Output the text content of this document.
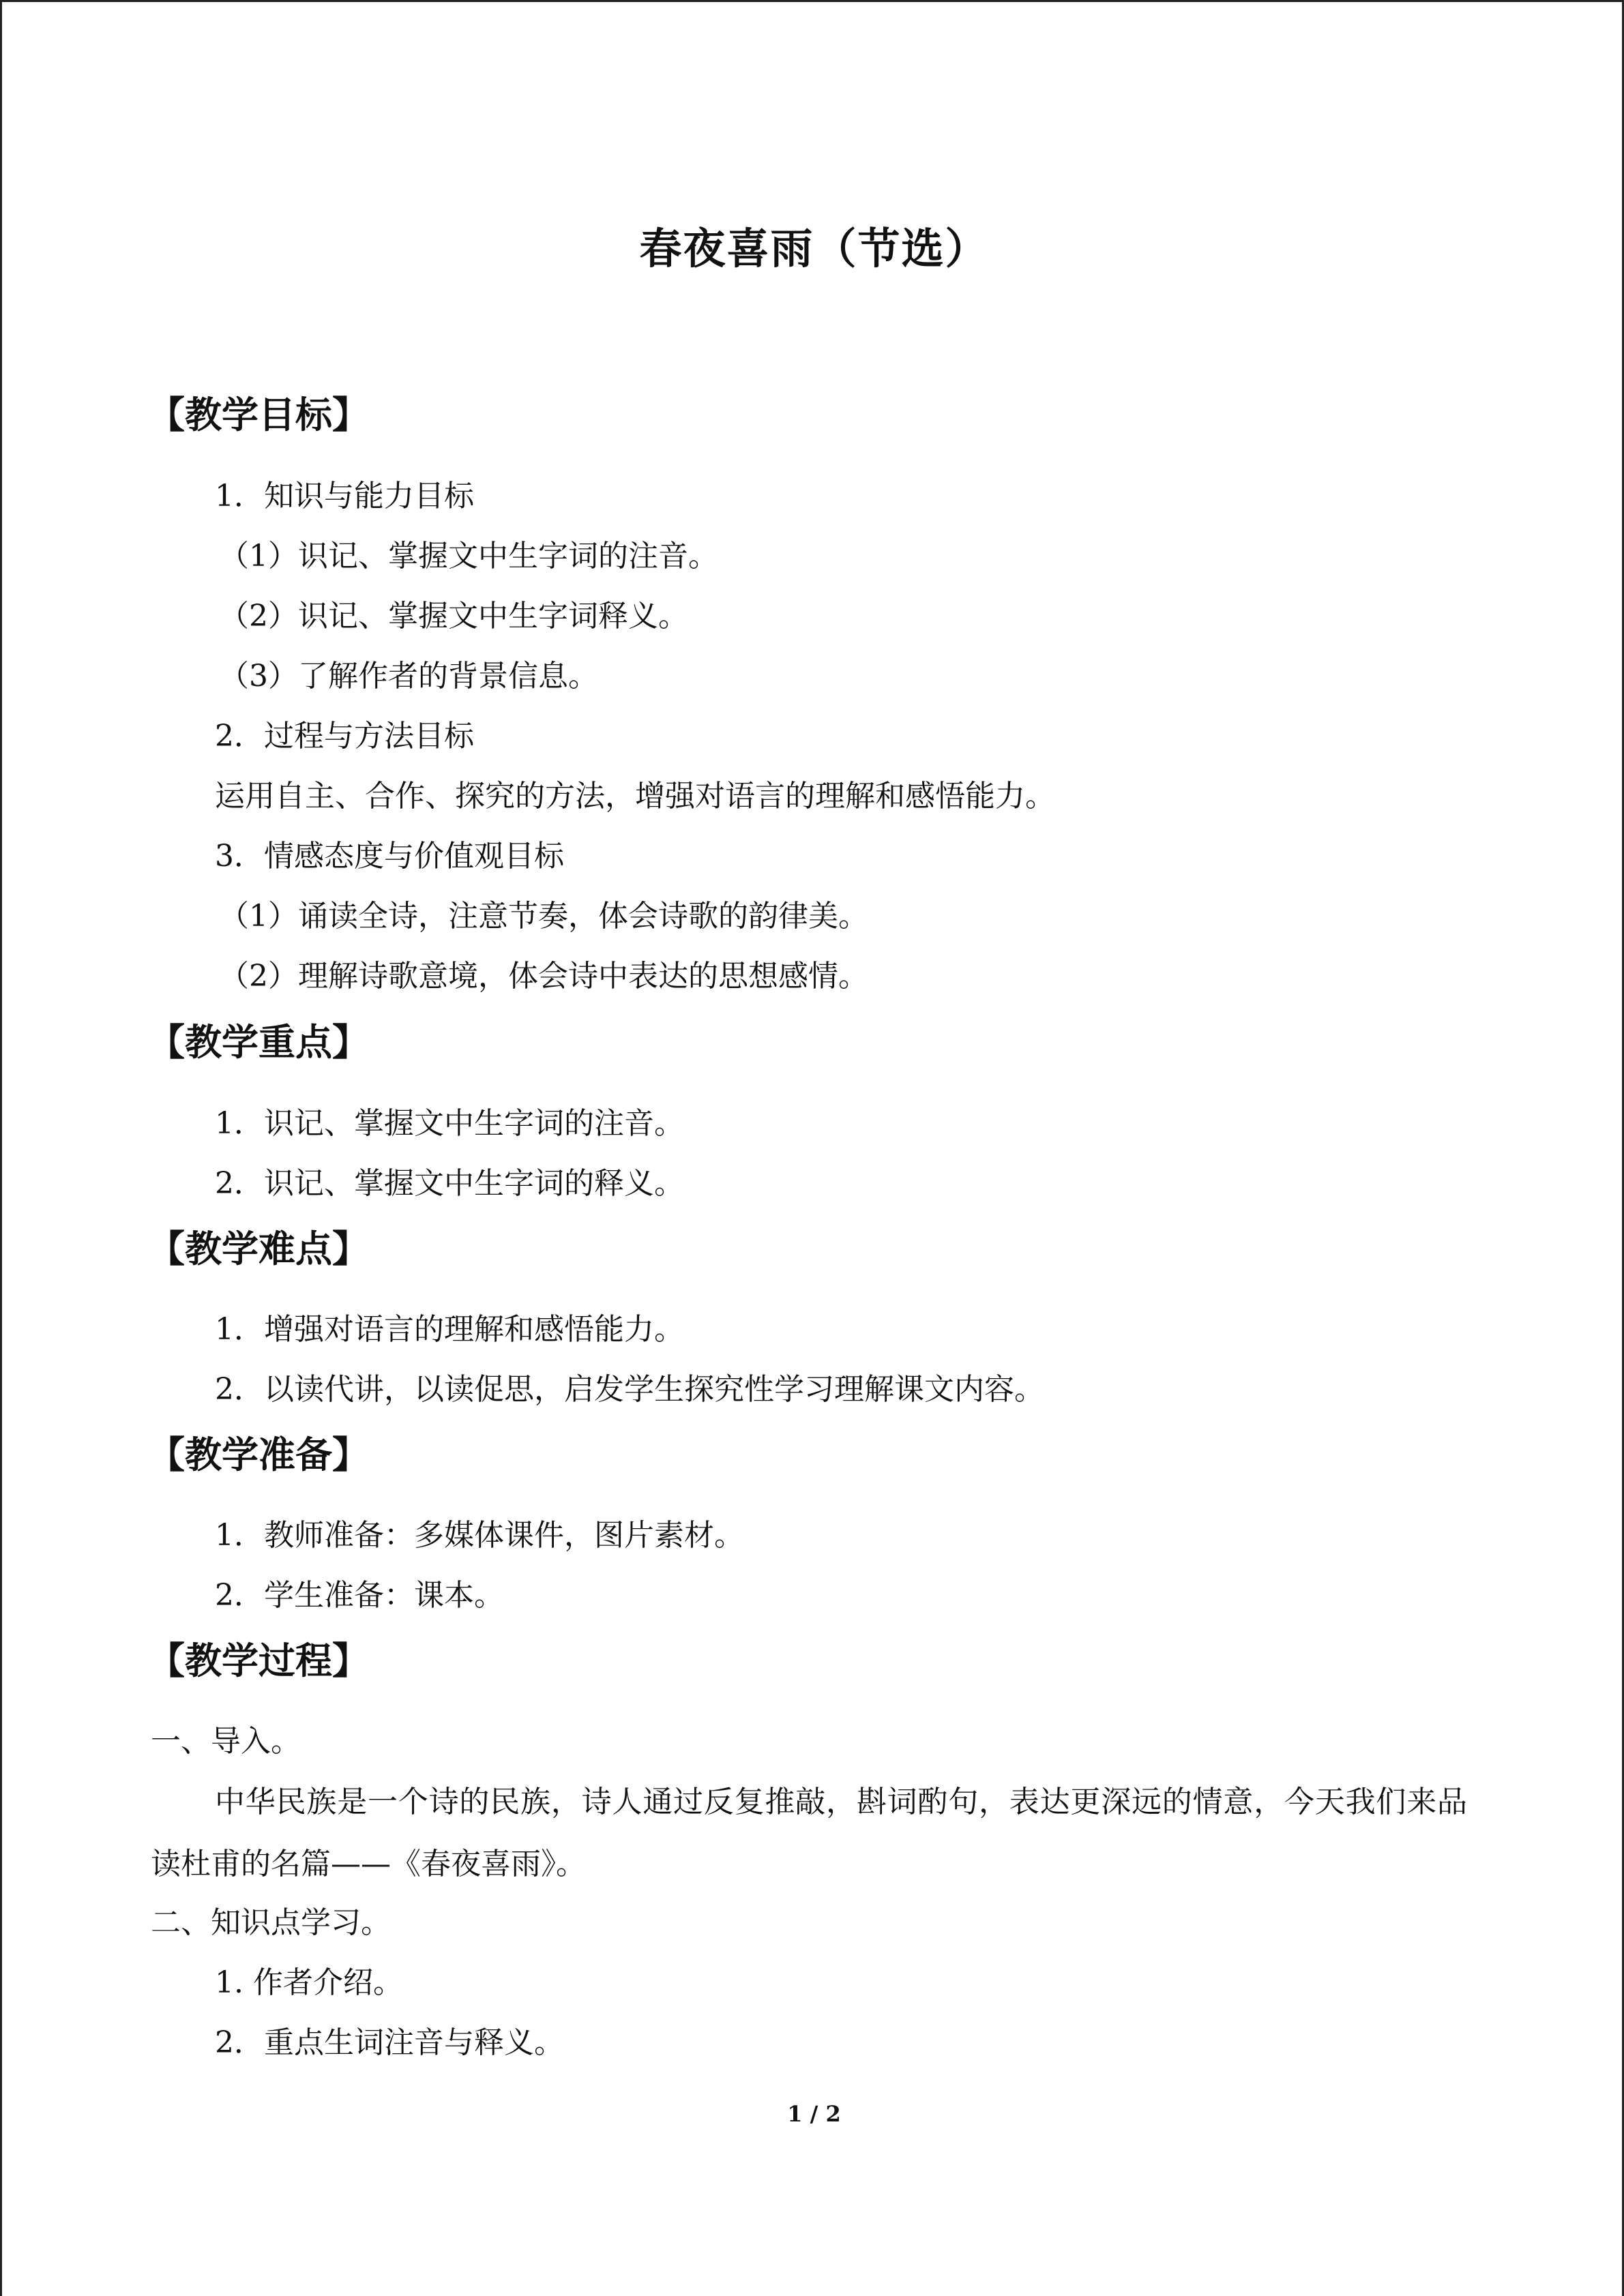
春夜喜雨（节选）
【教学目标】
1．知识与能力目标
（1）识记、掌握文中生字词的注音。
（2）识记、掌握文中生字词释义。
（3）了解作者的背景信息。
2．过程与方法目标
运用自主、合作、探究的方法，增强对语言的理解和感悟能力。
3．情感态度与价值观目标
（1）诵读全诗，注意节奏，体会诗歌的韵律美。
（2）理解诗歌意境，体会诗中表达的思想感情。
【教学重点】
1．识记、掌握文中生字词的注音。
2．识记、掌握文中生字词的释义。
【教学难点】
1．增强对语言的理解和感悟能力。
2．以读代讲，以读促思，启发学生探究性学习理解课文内容。
【教学准备】
1．教师准备：多媒体课件，图片素材。
2．学生准备：课本。
【教学过程】
一、导入。
中华民族是一个诗的民族，诗人通过反复推敲，斟词酌句，表达更深远的情意，今天我们来品读杜甫的名篇——《春夜喜雨》。
二、知识点学习。
1. 作者介绍。
2．重点生词注音与释义。
1 / 2
